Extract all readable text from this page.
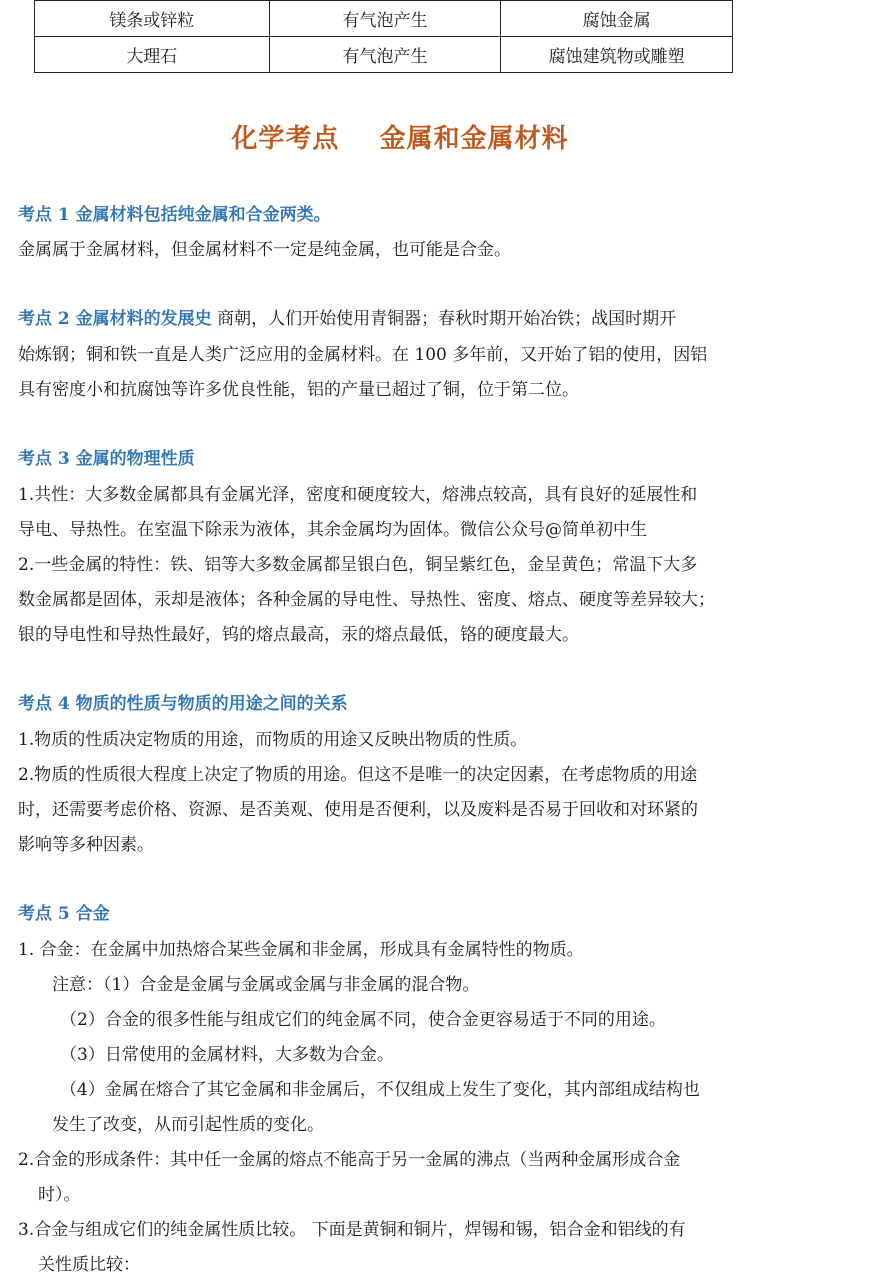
镁条或锌粒	有气泡产生	腐蚀金属
大理石	有气泡产生	腐蚀建筑物或雕塑
化学考点    金属和金属材料
考点 1 金属材料包括纯金属和合金两类。
金属属于金属材料，但金属材料不一定是纯金属，也可能是合金。
考点 2 金属材料的发展史 商朝，人们开始使用青铜器；春秋时期开始冶铁；战国时期开
始炼钢；铜和铁一直是人类广泛应用的金属材料。在 100 多年前，又开始了铝的使用，因铝
具有密度小和抗腐蚀等许多优良性能，铝的产量已超过了铜，位于第二位。
考点 3 金属的物理性质
1.共性：大多数金属都具有金属光泽，密度和硬度较大，熔沸点较高，具有良好的延展性和
导电、导热性。在室温下除汞为液体，其余金属均为固体。微信公众号@简单初中生
2.一些金属的特性：铁、铝等大多数金属都呈银白色，铜呈紫红色，金呈黄色；常温下大多
数金属都是固体，汞却是液体；各种金属的导电性、导热性、密度、熔点、硬度等差异较大；
银的导电性和导热性最好，钨的熔点最高，汞的熔点最低，铬的硬度最大。
考点 4 物质的性质与物质的用途之间的关系
1.物质的性质决定物质的用途，而物质的用途又反映出物质的性质。
2.物质的性质很大程度上决定了物质的用途。但这不是唯一的决定因素，在考虑物质的用途
时，还需要考虑价格、资源、是否美观、使用是否便利，以及废料是否易于回收和对环紧的
影响等多种因素。
考点 5 合金
1. 合金：在金属中加热熔合某些金属和非金属，形成具有金属特性的物质。
注意：（1）合金是金属与金属或金属与非金属的混合物。
（2）合金的很多性能与组成它们的纯金属不同，使合金更容易适于不同的用途。
（3）日常使用的金属材料，大多数为合金。
（4）金属在熔合了其它金属和非金属后，不仅组成上发生了变化，其内部组成结构也
发生了改变，从而引起性质的变化。
2.合金的形成条件：其中任一金属的熔点不能高于另一金属的沸点（当两种金属形成合金
时）。
3.合金与组成它们的纯金属性质比较。 下面是黄铜和铜片，焊锡和锡，铝合金和铝线的有
关性质比较：
